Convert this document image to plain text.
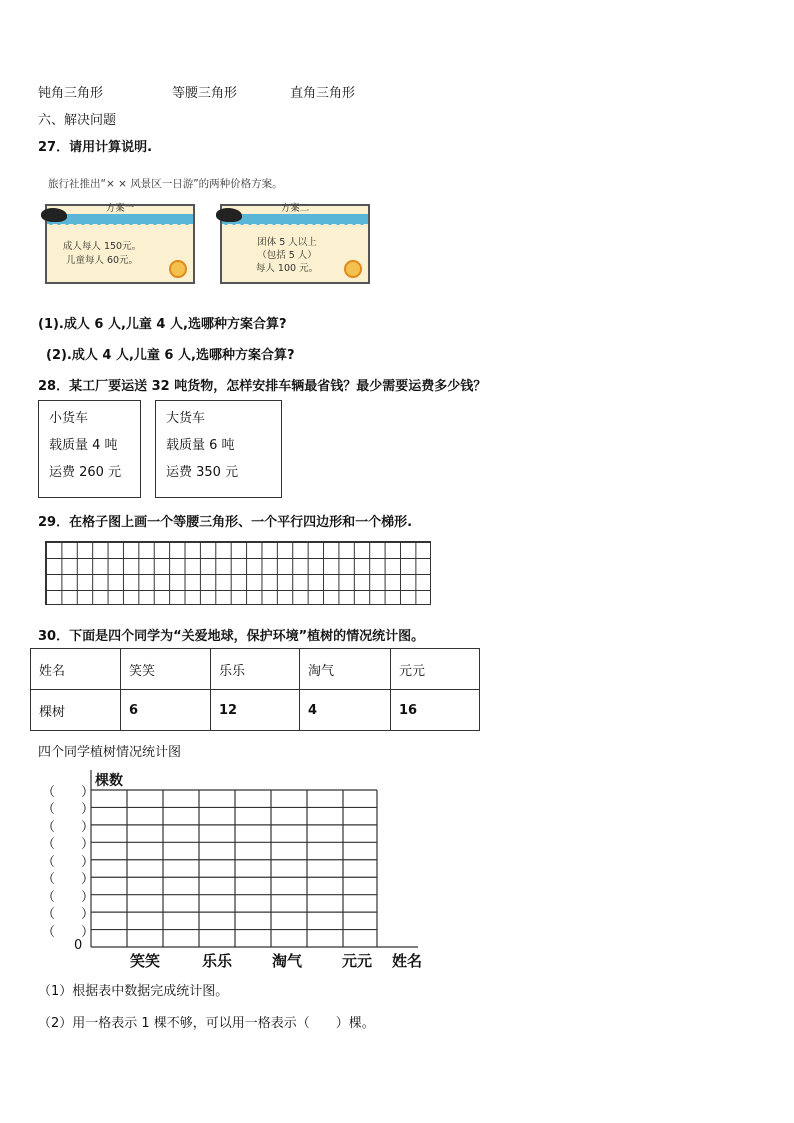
钝角三角形	等腰三角形	直角三角形
六、解决问题
27．请用计算说明.
旅行社推出“× × 风景区一日游”的两种价格方案。
方案一
成人每人 150元。
儿童每人 60元。
方案二
团体 5 人以上
（包括 5 人）
每人 100 元。
(1).成人 6 人,儿童 4 人,选哪种方案合算?
(2).成人 4 人,儿童 6 人,选哪种方案合算?
28．某工厂要运送 32 吨货物，怎样安排车辆最省钱？最少需要运费多少钱？
小货车
载质量 4 吨
运费 260 元
大货车
载质量 6 吨
运费 350 元
29．在格子图上画一个等腰三角形、一个平行四边形和一个梯形.
30．下面是四个同学为“关爱地球，保护环境”植树的情况统计图。
姓名	笑笑	乐乐	淘气	元元
棵树	6	12	4	16
四个同学植树情况统计图
棵数
0
（　　）
（　　）
（　　）
（　　）
（　　）
（　　）
（　　）
（　　）
（　　）
笑笑	乐乐	淘气	元元 姓名
（1）根据表中数据完成统计图。
（2）用一格表示 1 棵不够，可以用一格表示（　　）棵。
